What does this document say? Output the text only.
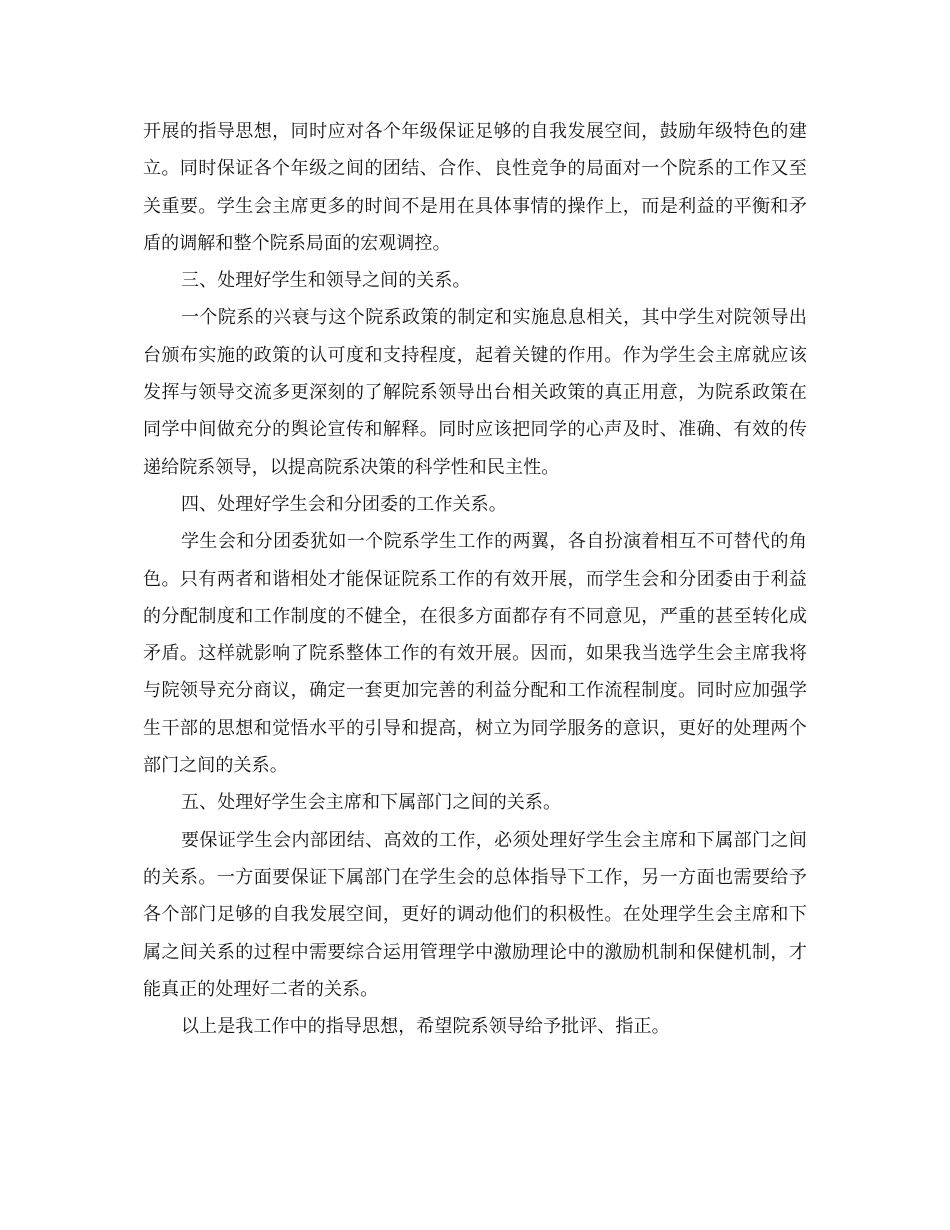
开展的指导思想，同时应对各个年级保证足够的自我发展空间，鼓励年级特色的建立。同时保证各个年级之间的团结、合作、良性竞争的局面对一个院系的工作又至关重要。学生会主席更多的时间不是用在具体事情的操作上，而是利益的平衡和矛盾的调解和整个院系局面的宏观调控。

三、处理好学生和领导之间的关系。

一个院系的兴衰与这个院系政策的制定和实施息息相关，其中学生对院领导出台颁布实施的政策的认可度和支持程度，起着关键的作用。作为学生会主席就应该发挥与领导交流多更深刻的了解院系领导出台相关政策的真正用意，为院系政策在同学中间做充分的舆论宣传和解释。同时应该把同学的心声及时、准确、有效的传递给院系领导，以提高院系决策的科学性和民主性。

四、处理好学生会和分团委的工作关系。

学生会和分团委犹如一个院系学生工作的两翼，各自扮演着相互不可替代的角色。只有两者和谐相处才能保证院系工作的有效开展，而学生会和分团委由于利益的分配制度和工作制度的不健全，在很多方面都存有不同意见，严重的甚至转化成矛盾。这样就影响了院系整体工作的有效开展。因而，如果我当选学生会主席我将与院领导充分商议，确定一套更加完善的利益分配和工作流程制度。同时应加强学生干部的思想和觉悟水平的引导和提高，树立为同学服务的意识，更好的处理两个部门之间的关系。

五、处理好学生会主席和下属部门之间的关系。

要保证学生会内部团结、高效的工作，必须处理好学生会主席和下属部门之间的关系。一方面要保证下属部门在学生会的总体指导下工作，另一方面也需要给予各个部门足够的自我发展空间，更好的调动他们的积极性。在处理学生会主席和下属之间关系的过程中需要综合运用管理学中激励理论中的激励机制和保健机制，才能真正的处理好二者的关系。

以上是我工作中的指导思想，希望院系领导给予批评、指正。
